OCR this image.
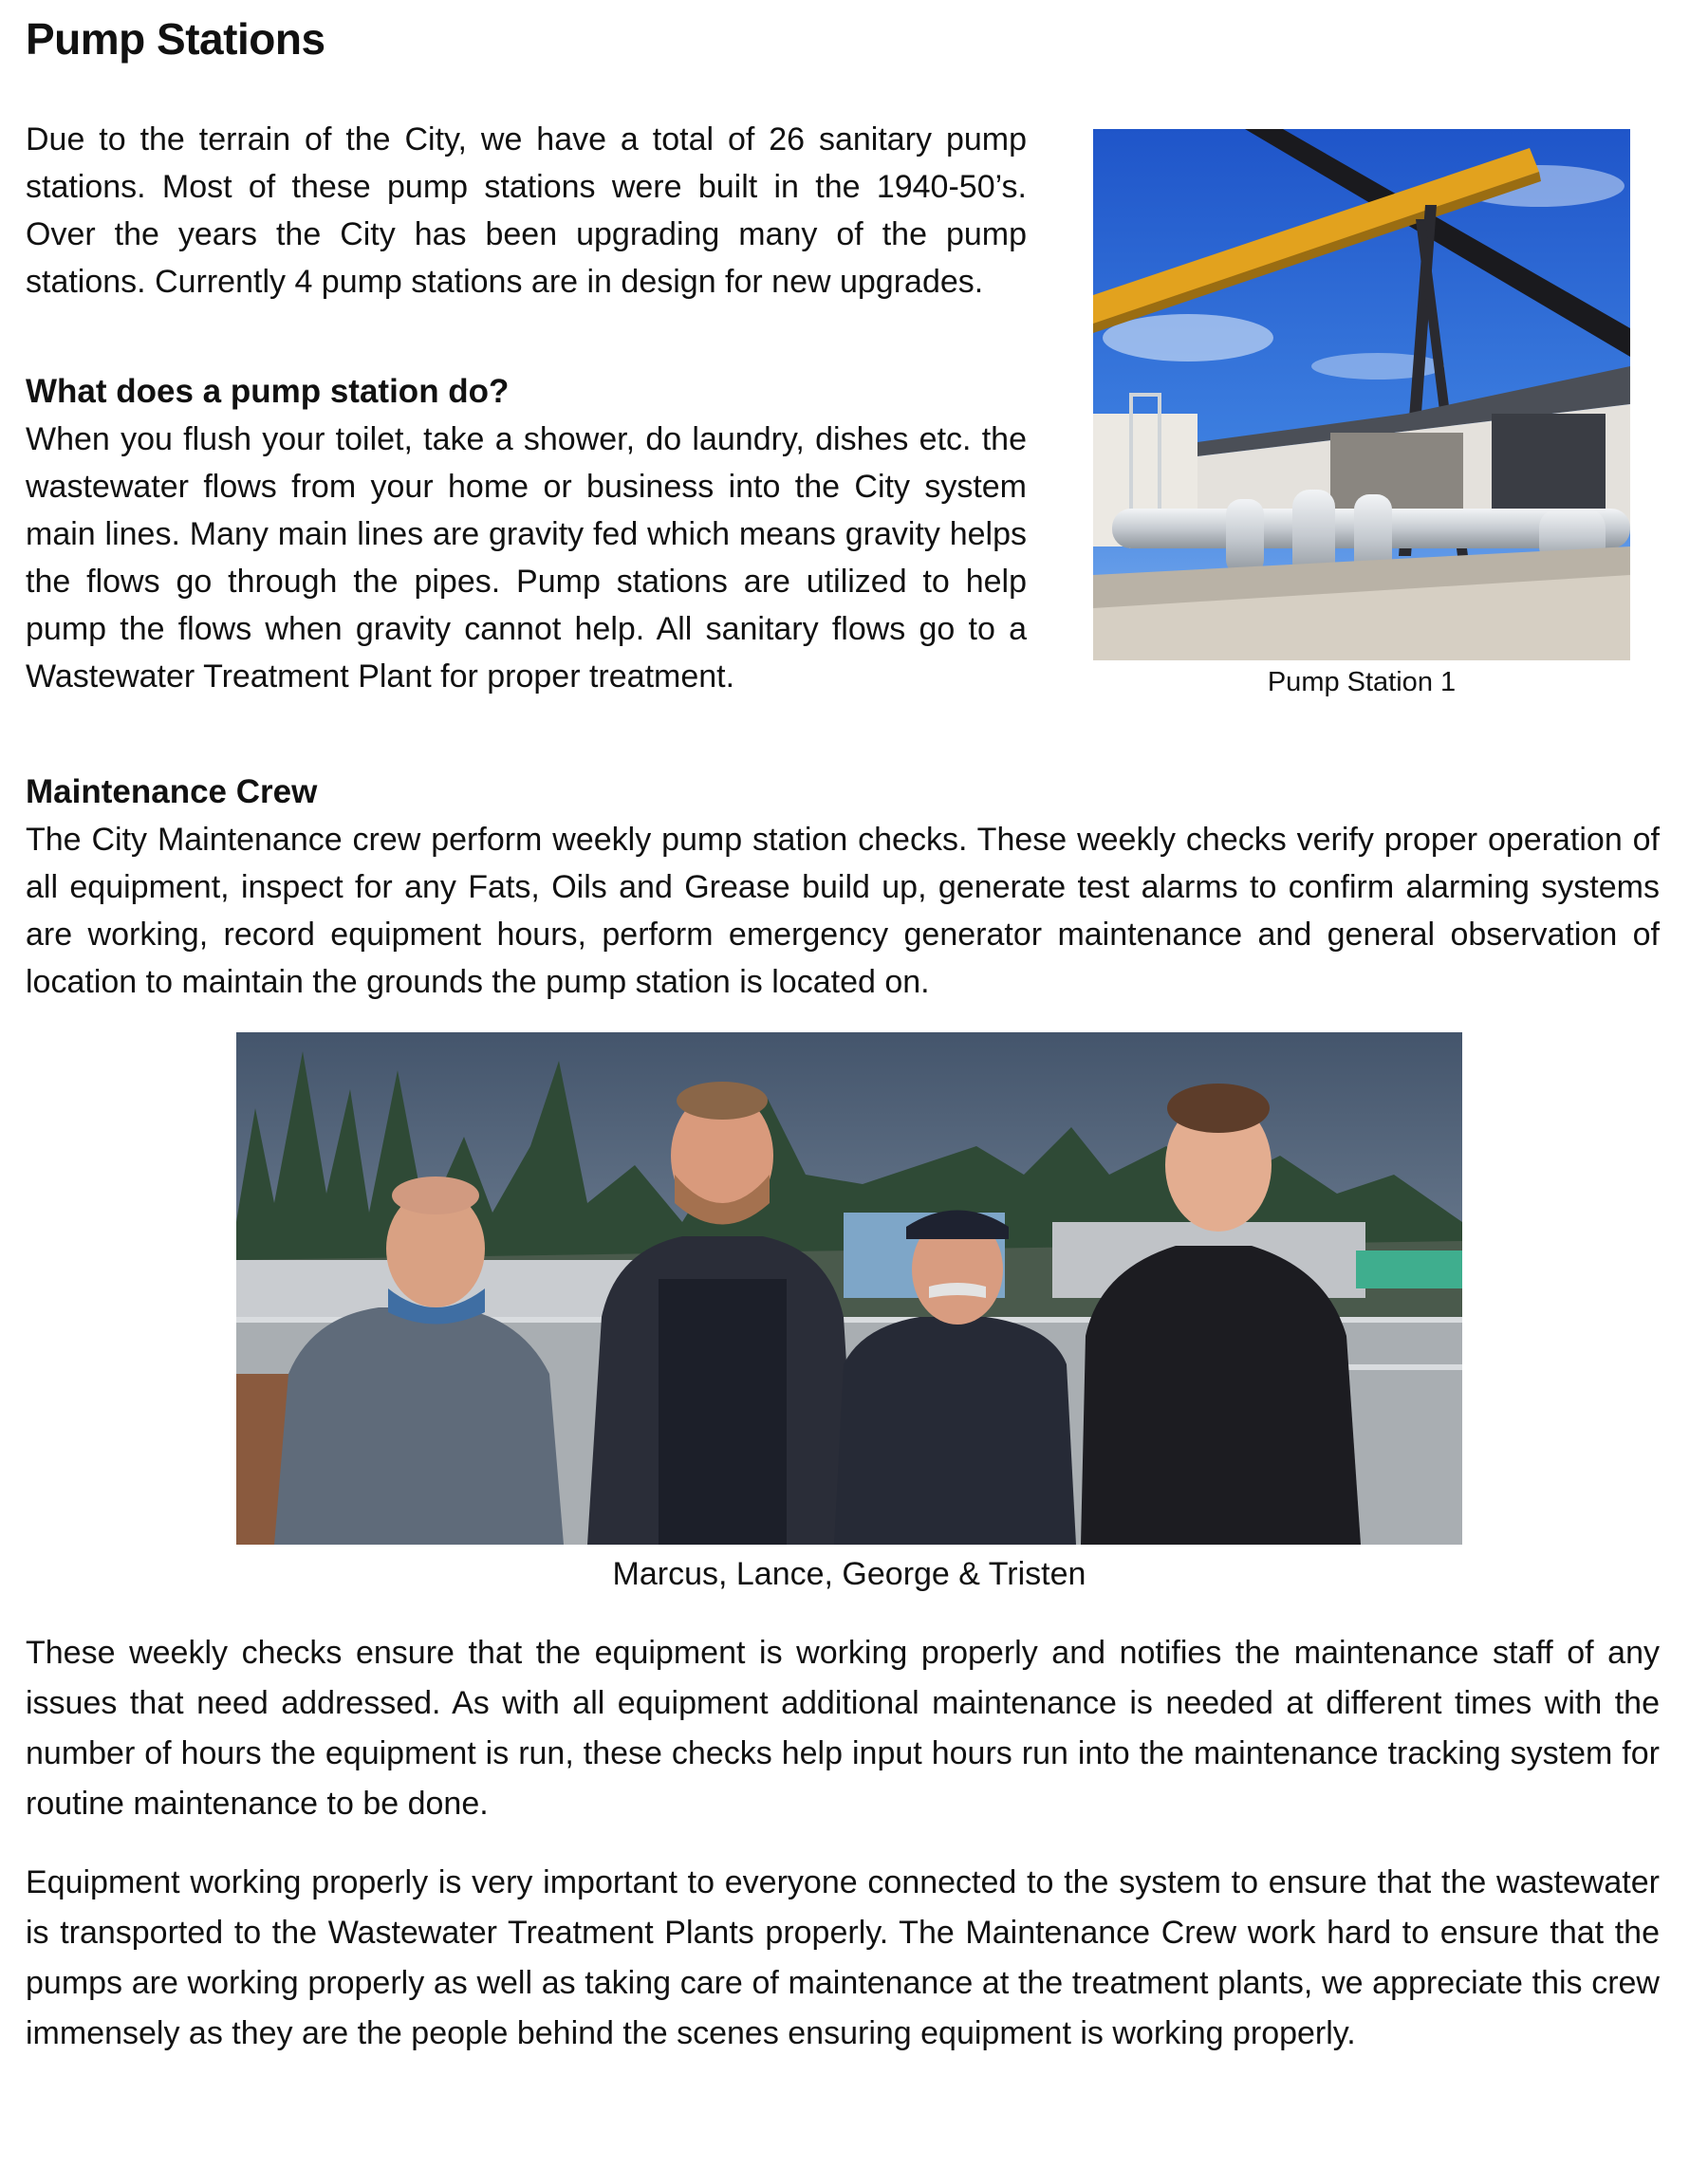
Pump Stations

Due to the terrain of the City, we have a total of 26 sanitary pump stations. Most of these pump stations were built in the 1940-50’s. Over the years the City has been upgrading many of the pump stations. Currently 4 pump stations are in design for new upgrades.

What does a pump station do?

When you flush your toilet, take a shower, do laundry, dishes etc. the wastewater flows from your home or business into the City system main lines. Many main lines are gravity fed which means gravity helps the flows go through the pipes. Pump stations are utilized to help pump the flows when gravity cannot help. All sanitary flows go to a Wastewater Treatment Plant for proper treatment.	Pump Station 1

Maintenance Crew

The City Maintenance crew perform weekly pump station checks. These weekly checks verify proper operation of all equipment, inspect for any Fats, Oils and Grease build up, generate test alarms to confirm alarming systems are working, record equipment hours, perform emergency generator maintenance and general observation of location to maintain the grounds the pump station is located on.

Marcus, Lance, George & Tristen

These weekly checks ensure that the equipment is working properly and notifies the maintenance staff of any issues that need addressed. As with all equipment additional maintenance is needed at different times with the number of hours the equipment is run, these checks help input hours run into the maintenance tracking system for routine maintenance to be done.

Equipment working properly is very important to everyone connected to the system to ensure that the wastewater is transported to the Wastewater Treatment Plants properly. The Maintenance Crew work hard to ensure that the pumps are working properly as well as taking care of maintenance at the treatment plants, we appreciate this crew immensely as they are the people behind the scenes ensuring equipment is working properly.
